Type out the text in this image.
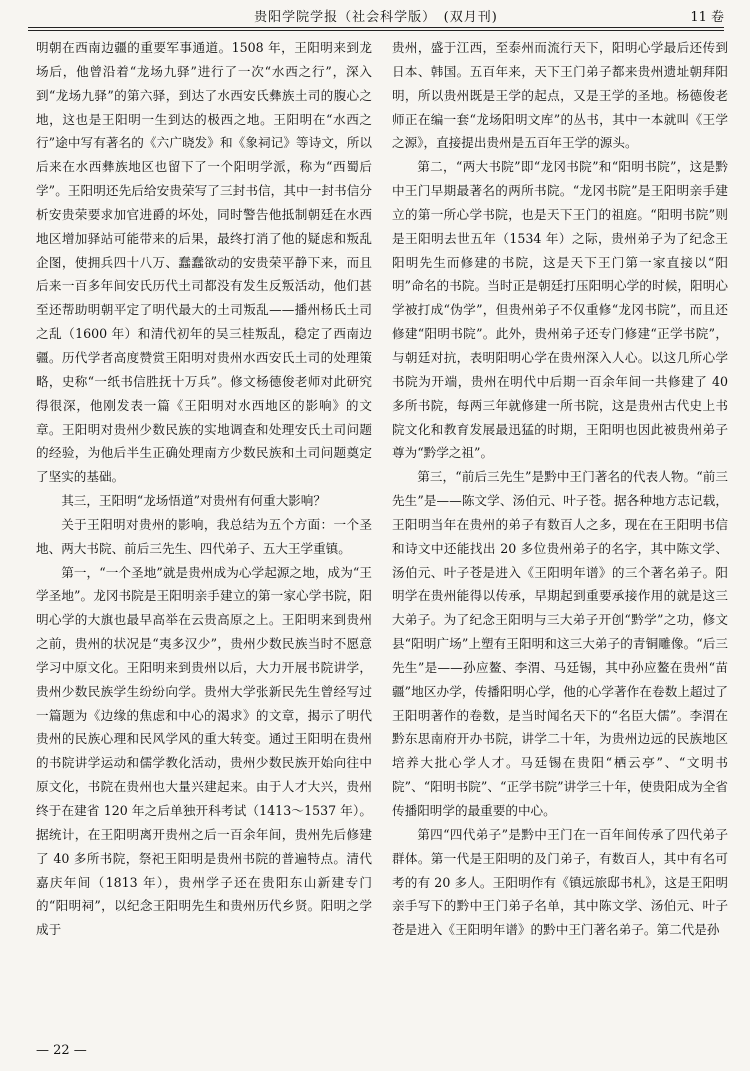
贵阳学院学报（社会科学版）　(双月刊)	11 卷

明朝在西南边疆的重要军事通道。1508 年，王阳明来到龙场后，他曾沿着“龙场九驿”进行了一次“水西之行”，深入到“龙场九驿”的第六驿，到达了水西安氏彝族土司的腹心之地，这也是王阳明一生到达的极西之地。王阳明在“水西之行”途中写有著名的《六广晓发》和《象祠记》等诗文，所以后来在水西彝族地区也留下了一个阳明学派，称为“西蜀后学”。王阳明还先后给安贵荣写了三封书信，其中一封书信分析安贵荣要求加官进爵的坏处，同时警告他抵制朝廷在水西地区增加驿站可能带来的后果，最终打消了他的疑虑和叛乱企图，使拥兵四十八万、蠢蠢欲动的安贵荣平静下来，而且后来一百多年间安氏历代土司都没有发生反叛活动，他们甚至还帮助明朝平定了明代最大的土司叛乱——播州杨氏土司之乱（1600 年）和清代初年的吴三桂叛乱，稳定了西南边疆。历代学者高度赞赏王阳明对贵州水西安氏土司的处理策略，史称“一纸书信胜抚十万兵”。修文杨德俊老师对此研究得很深，他刚发表一篇《王阳明对水西地区的影响》的文章。王阳明对贵州少数民族的实地调查和处理安氏土司问题的经验，为他后半生正确处理南方少数民族和土司问题奠定了坚实的基础。

其三，王阳明“龙场悟道”对贵州有何重大影响？

关于王阳明对贵州的影响，我总结为五个方面：一个圣地、两大书院、前后三先生、四代弟子、五大王学重镇。

第一，“一个圣地”就是贵州成为心学起源之地，成为“王学圣地”。龙冈书院是王阳明亲手建立的第一家心学书院，阳明心学的大旗也最早高举在云贵高原之上。王阳明来到贵州之前，贵州的状况是“夷多汉少”，贵州少数民族当时不愿意学习中原文化。王阳明来到贵州以后，大力开展书院讲学，贵州少数民族学生纷纷向学。贵州大学张新民先生曾经写过一篇题为《边缘的焦虑和中心的渴求》的文章，揭示了明代贵州的民族心理和民风学风的重大转变。通过王阳明在贵州的书院讲学运动和儒学教化活动，贵州少数民族开始向往中原文化，书院在贵州也大量兴建起来。由于人才大兴，贵州终于在建省 120 年之后单独开科考试（1413～1537 年）。据统计，在王阳明离开贵州之后一百余年间，贵州先后修建了 40 多所书院，祭祀王阳明是贵州书院的普遍特点。清代嘉庆年间（1813 年），贵州学子还在贵阳东山新建专门的“阳明祠”，以纪念王阳明先生和贵州历代乡贤。阳明之学成于

贵州，盛于江西，至泰州而流行天下，阳明心学最后还传到日本、韩国。五百年来，天下王门弟子都来贵州遗址朝拜阳明，所以贵州既是王学的起点，又是王学的圣地。杨德俊老师正在编一套“龙场阳明文库”的丛书，其中一本就叫《王学之源》，直接提出贵州是五百年王学的源头。

第二，“两大书院”即“龙冈书院”和“阳明书院”，这是黔中王门早期最著名的两所书院。“龙冈书院”是王阳明亲手建立的第一所心学书院，也是天下王门的祖庭。“阳明书院”则是王阳明去世五年（1534 年）之际，贵州弟子为了纪念王阳明先生而修建的书院，这是天下王门第一家直接以“阳明”命名的书院。当时正是朝廷打压阳明心学的时候，阳明心学被打成“伪学”，但贵州弟子不仅重修“龙冈书院”，而且还修建“阳明书院”。此外，贵州弟子还专门修建“正学书院”，与朝廷对抗，表明阳明心学在贵州深入人心。以这几所心学书院为开端，贵州在明代中后期一百余年间一共修建了 40 多所书院，每两三年就修建一所书院，这是贵州古代史上书院文化和教育发展最迅猛的时期，王阳明也因此被贵州弟子尊为“黔学之祖”。

第三，“前后三先生”是黔中王门著名的代表人物。“前三先生”是——陈文学、汤伯元、叶子苍。据各种地方志记载，王阳明当年在贵州的弟子有数百人之多，现在在王阳明书信和诗文中还能找出 20 多位贵州弟子的名字，其中陈文学、汤伯元、叶子苍是进入《王阳明年谱》的三个著名弟子。阳明学在贵州能得以传承，早期起到重要承接作用的就是这三大弟子。为了纪念王阳明与三大弟子开创“黔学”之功，修文县“阳明广场”上塑有王阳明和这三大弟子的青铜雕像。“后三先生”是——孙应鳌、李渭、马廷锡，其中孙应鳌在贵州“苗疆”地区办学，传播阳明心学，他的心学著作在卷数上超过了王阳明著作的卷数，是当时闻名天下的“名臣大儒”。李渭在黔东思南府开办书院，讲学二十年，为贵州边远的民族地区培养大批心学人才。马廷锡在贵阳“栖云亭”、“文明书院”、“阳明书院”、“正学书院”讲学三十年，使贵阳成为全省传播阳明学的最重要的中心。

第四“四代弟子”是黔中王门在一百年间传承了四代弟子群体。第一代是王阳明的及门弟子，有数百人，其中有名可考的有 20 多人。王阳明作有《镇远旅邸书札》，这是王阳明亲手写下的黔中王门弟子名单，其中陈文学、汤伯元、叶子苍是进入《王阳明年谱》的黔中王门著名弟子。第二代是孙

— 22 —
